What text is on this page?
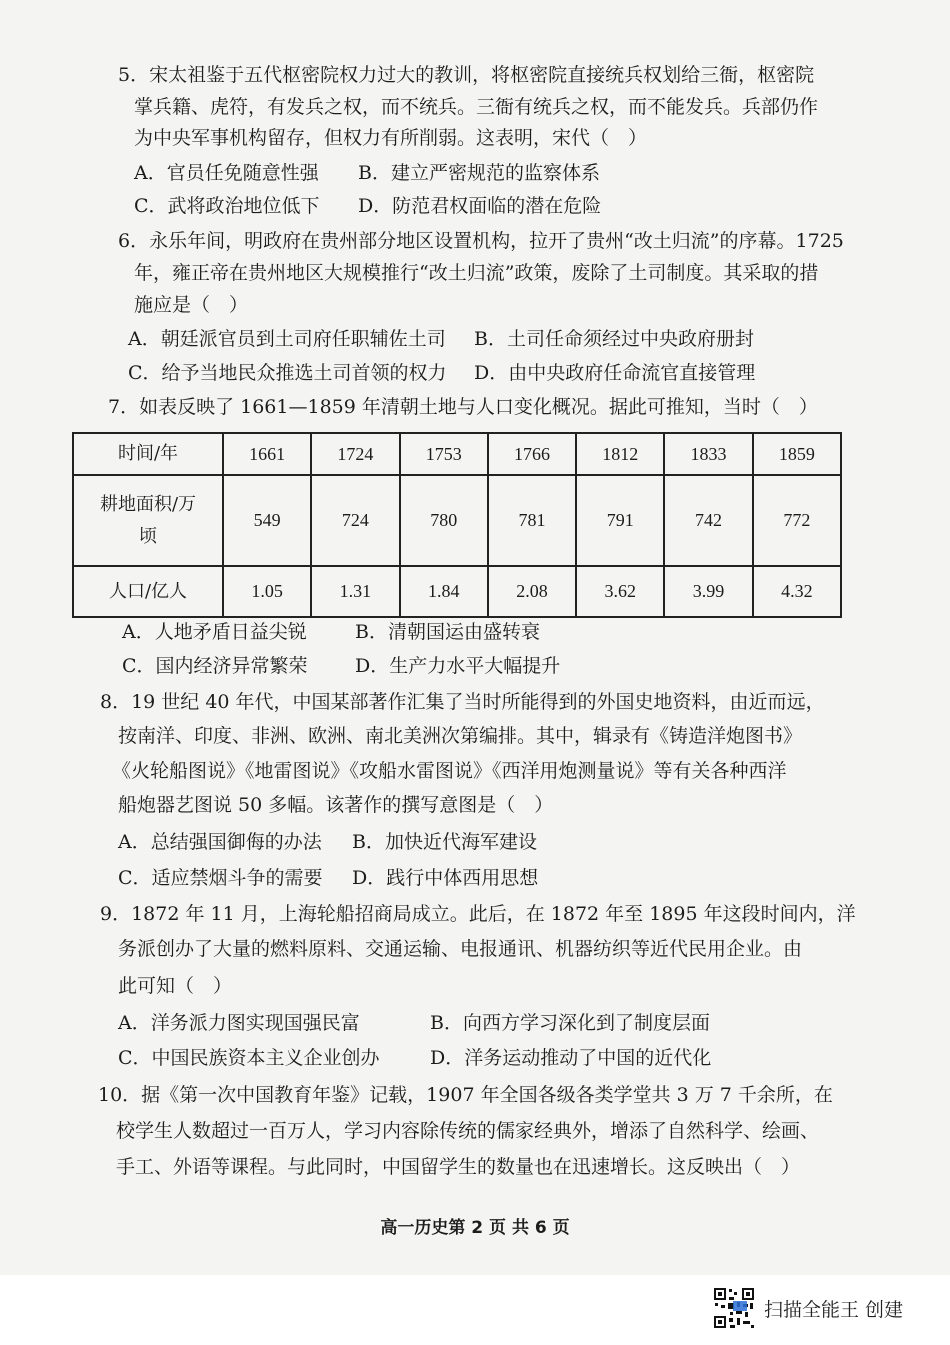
5．宋太祖鉴于五代枢密院权力过大的教训，将枢密院直接统兵权划给三衙，枢密院
掌兵籍、虎符，有发兵之权，而不统兵。三衙有统兵之权，而不能发兵。兵部仍作
为中央军事机构留存，但权力有所削弱。这表明，宋代（　）
A．官员任免随意性强 B．建立严密规范的监察体系
C．武将政治地位低下 D．防范君权面临的潜在危险
6．永乐年间，明政府在贵州部分地区设置机构，拉开了贵州“改土归流”的序幕。1725
年，雍正帝在贵州地区大规模推行“改土归流”政策，废除了土司制度。其采取的措
施应是（　）
A．朝廷派官员到土司府任职辅佐土司 B．土司任命须经过中央政府册封
C．给予当地民众推选土司首领的权力 D．由中央政府任命流官直接管理
7．如表反映了 1661—1859 年清朝土地与人口变化概况。据此可推知，当时（　）
时间/年	1661	1724	1753	1766	1812	1833	1859
耕地面积/万顷	549	724	780	781	791	742	772
人口/亿人	1.05	1.31	1.84	2.08	3.62	3.99	4.32
A．人地矛盾日益尖锐	B．清朝国运由盛转衰
C．国内经济异常繁荣 D．生产力水平大幅提升
8．19 世纪 40 年代，中国某部著作汇集了当时所能得到的外国史地资料，由近而远，
按南洋、印度、非洲、欧洲、南北美洲次第编排。其中，辑录有《铸造洋炮图书》
《火轮船图说》《地雷图说》《攻船水雷图说》《西洋用炮测量说》等有关各种西洋
船炮器艺图说 50 多幅。该著作的撰写意图是（　）
A．总结强国御侮的办法 B．加快近代海军建设
C．适应禁烟斗争的需要 D．践行中体西用思想
9．1872 年 11 月，上海轮船招商局成立。此后，在 1872 年至 1895 年这段时间内，洋
务派创办了大量的燃料原料、交通运输、电报通讯、机器纺织等近代民用企业。由
此可知（　）
A．洋务派力图实现国强民富	B．向西方学习深化到了制度层面
C．中国民族资本主义企业创办	D．洋务运动推动了中国的近代化
10．据《第一次中国教育年鉴》记载，1907 年全国各级各类学堂共 3 万 7 千余所，在
校学生人数超过一百万人，学习内容除传统的儒家经典外，增添了自然科学、绘画、
手工、外语等课程。与此同时，中国留学生的数量也在迅速增长。这反映出（　）
高一历史第 2 页 共 6 页
扫描全能王 创建
